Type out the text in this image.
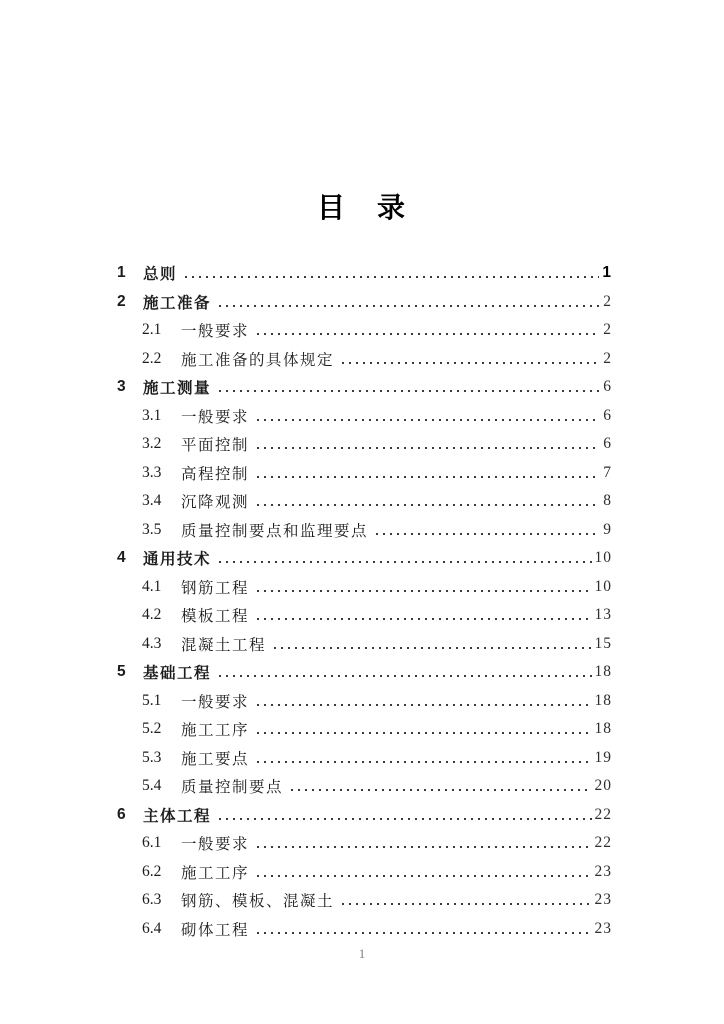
目　录
1	总则	1
2	施工准备	2
2.1	一般要求	2
2.2	施工准备的具体规定	2
3	施工测量	6
3.1	一般要求	6
3.2	平面控制	6
3.3	高程控制	7
3.4	沉降观测	8
3.5	质量控制要点和监理要点	9
4	通用技术	10
4.1	钢筋工程	10
4.2	模板工程	13
4.3	混凝土工程	15
5	基础工程	18
5.1	一般要求	18
5.2	施工工序	18
5.3	施工要点	19
5.4	质量控制要点	20
6	主体工程	22
6.1	一般要求	22
6.2	施工工序	23
6.3	钢筋、模板、混凝土	23
6.4	砌体工程	23
1
